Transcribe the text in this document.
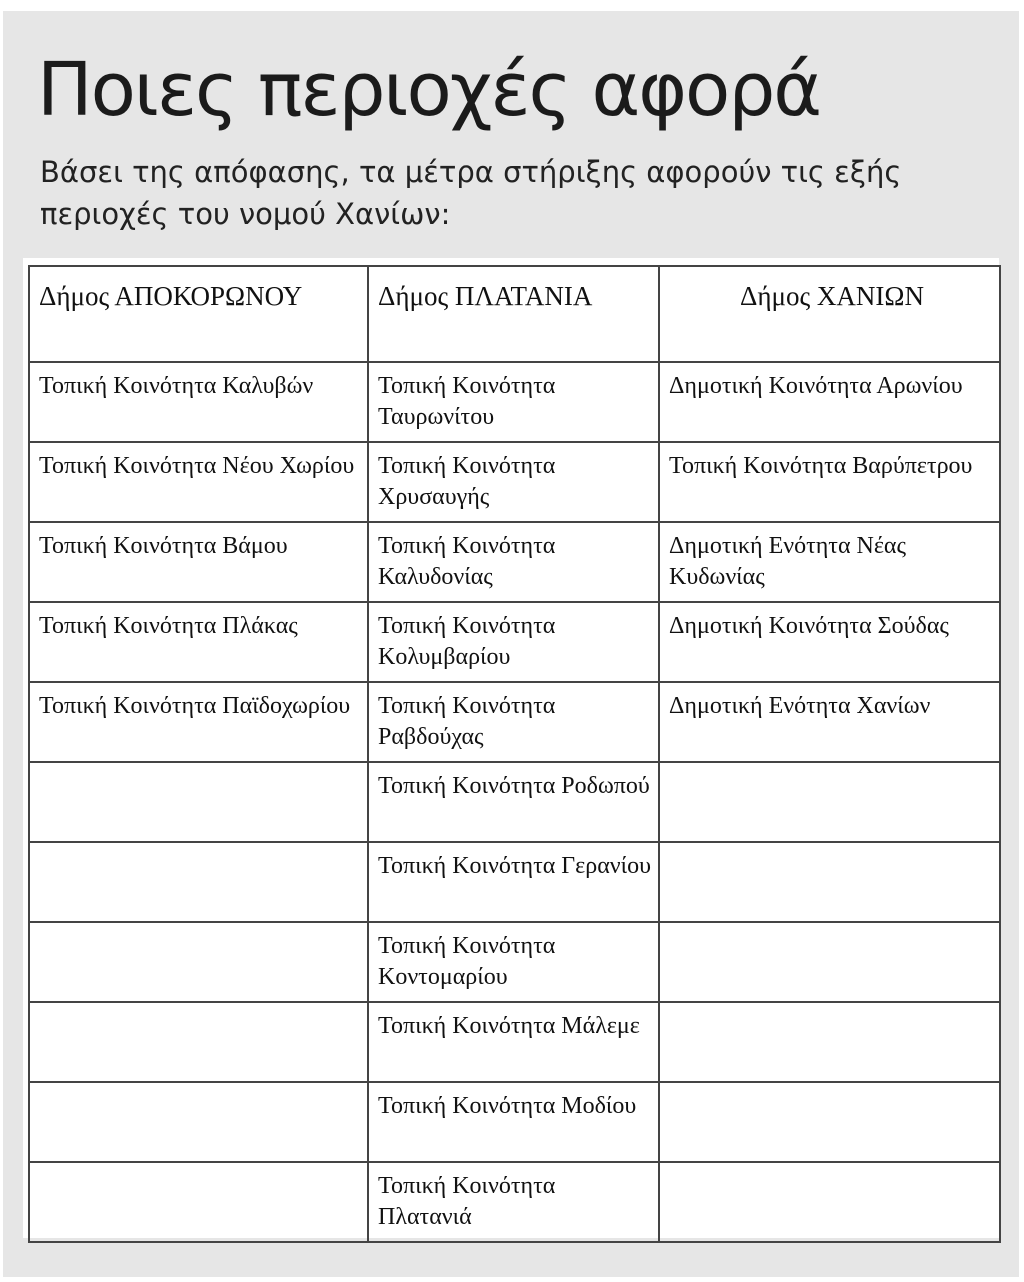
Ποιες περιοχές αφορά

Βάσει της απόφασης, τα μέτρα στήριξης αφορούν τις εξής περιοχές του νομού Χανίων:

Δήμος ΑΠΟΚΟΡΩΝΟΥ	Δήμος ΠΛΑΤΑΝΙΑ	Δήμος ΧΑΝΙΩΝ
Τοπική Κοινότητα Καλυβών	Τοπική Κοινότητα Ταυρωνίτου	Δημοτική Κοινότητα Αρωνίου
Τοπική Κοινότητα Νέου Χωρίου	Τοπική Κοινότητα Χρυσαυγής	Τοπική Κοινότητα Βαρύπετρου
Τοπική Κοινότητα Βάμου	Τοπική Κοινότητα Καλυδονίας	Δημοτική Ενότητα Νέας Κυδωνίας
Τοπική Κοινότητα Πλάκας	Τοπική Κοινότητα Κολυμβαρίου	Δημοτική Κοινότητα Σούδας
Τοπική Κοινότητα Παϊδοχωρίου	Τοπική Κοινότητα Ραβδούχας	Δημοτική Ενότητα Χανίων
	Τοπική Κοινότητα Ροδωπού	
	Τοπική Κοινότητα Γερανίου	
	Τοπική Κοινότητα Κοντομαρίου	
	Τοπική Κοινότητα Μάλεμε	
	Τοπική Κοινότητα Μοδίου	
	Τοπική Κοινότητα Πλατανιά	
